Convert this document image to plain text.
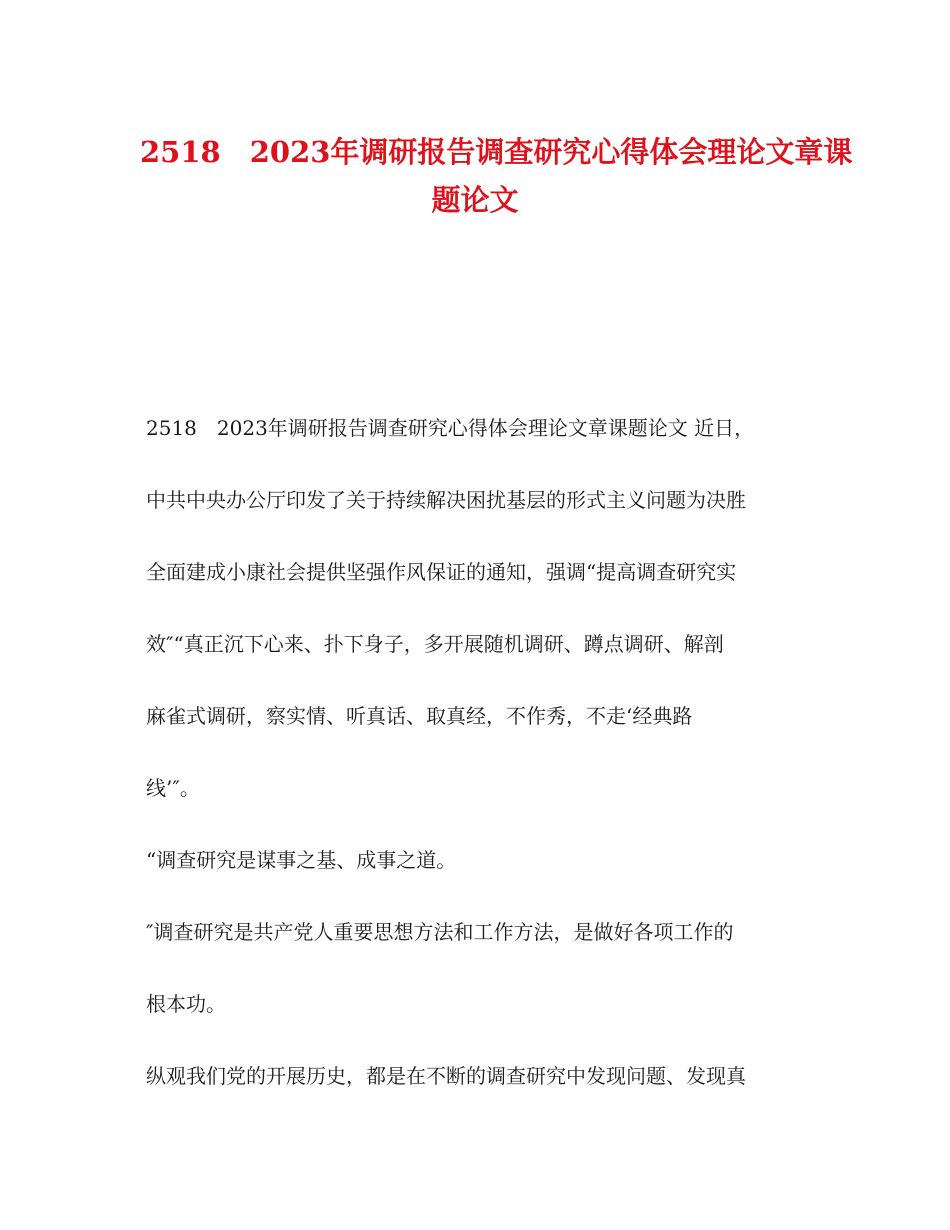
2518　2023年调研报告调查研究心得体会理论文章课
题论文

2518　2023年调研报告调查研究心得体会理论文章课题论文 近日，

中共中央办公厅印发了关于持续解决困扰基层的形式主义问题为决胜

全面建成小康社会提供坚强作风保证的通知，强调“提高调查研究实

效″“真正沉下心来、扑下身子，多开展随机调研、蹲点调研、解剖

麻雀式调研，察实情、听真话、取真经，不作秀，不走‘经典路

线’″。

“调查研究是谋事之基、成事之道。

″调查研究是共产党人重要思想方法和工作方法，是做好各项工作的

根本功。

纵观我们党的开展历史，都是在不断的调查研究中发现问题、发现真
